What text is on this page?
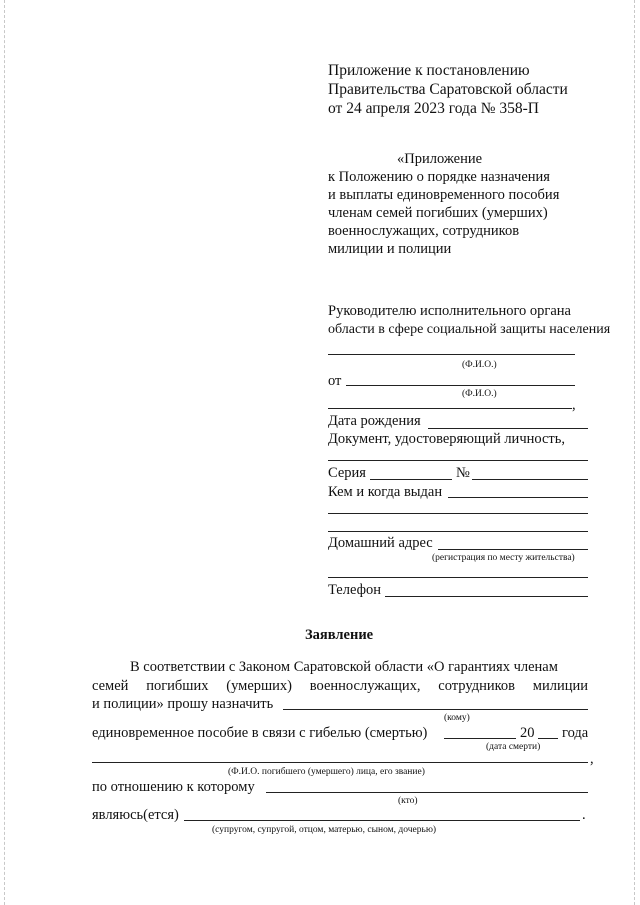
Приложение к постановлению
Правительства Саратовской области
от 24 апреля 2023 года № 358-П
«Приложение
к Положению о порядке назначения
и выплаты единовременного пособия
членам семей погибших (умерших)
военнослужащих, сотрудников
милиции и полиции
Руководителю исполнительного органа
области в сфере социальной защиты населения
(Ф.И.О.)
от
(Ф.И.О.)
,
Дата рождения
Документ, удостоверяющий личность,
Серия	№
Кем и когда выдан
Домашний адрес
(регистрация по месту жительства)
Телефон
Заявление
В соответствии с Законом Саратовской области «О гарантиях членам
семей погибших (умерших) военнослужащих, сотрудников милиции
и полиции» прошу назначить
(кому)
единовременное пособие в связи с гибелью (смертью)	20 года
(дата смерти)
,
(Ф.И.О. погибшего (умершего) лица, его звание)
по отношению к которому
(кто)
являюсь(ется)	.
(супругом, супругой, отцом, матерью, сыном, дочерью)
